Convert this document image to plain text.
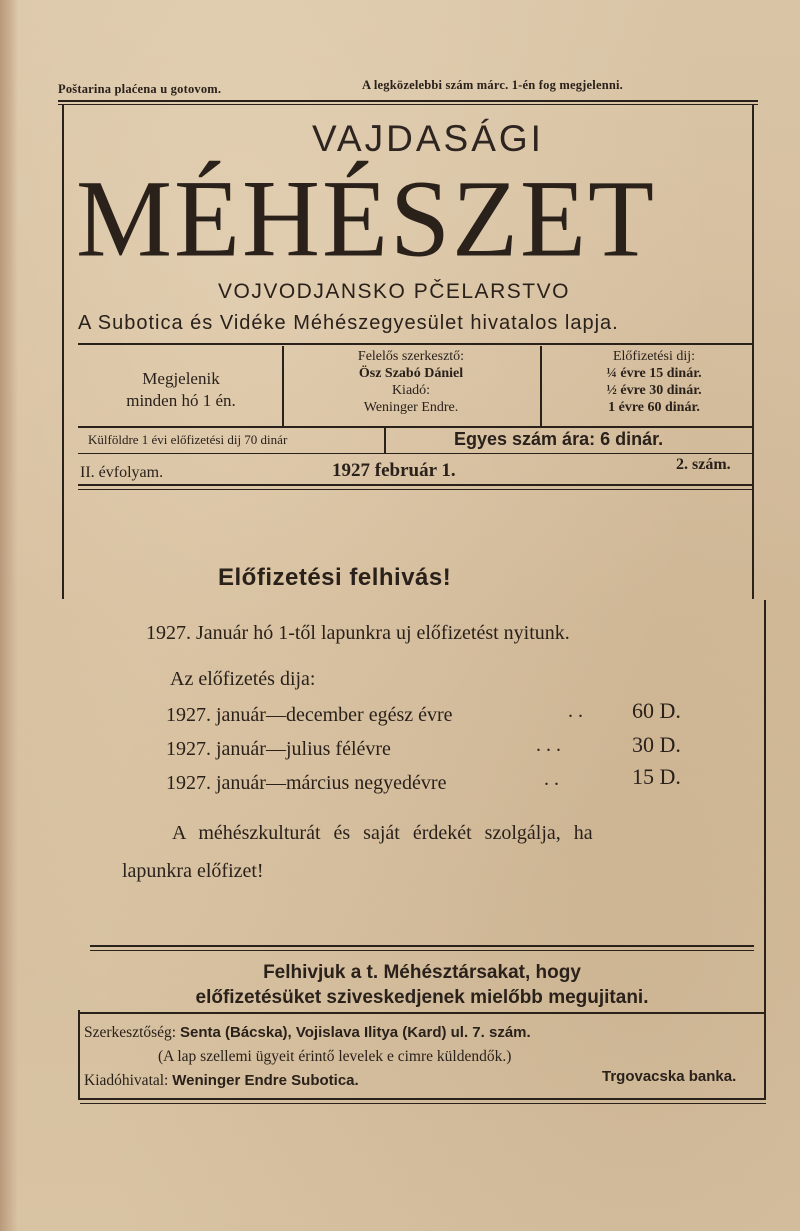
Poštarina plaćena u gotovom.	A legközelebbi szám márc. 1-én fog megjelenni.
VAJDASÁGI
MÉHÉSZET
VOJVODJANSKO PČELARSTVO
A Subotica és Vidéke Méhészegyesület hivatalos lapja.
Megjelenik
minden hó 1 én.
Felelős szerkesztő:
Ösz Szabó Dániel
Kiadó:
Weninger Endre.
Előfizetési dij:
¼ évre 15 dinár.
½ évre 30 dinár.
1 évre 60 dinár.
Külföldre 1 évi előfizetési dij 70 dinár	Egyes szám ára: 6 dinár.
II. évfolyam.	1927 február 1.	2. szám.
Előfizetési felhivás!
1927. Január hó 1-től lapunkra uj előfizetést nyitunk.
Az előfizetés dija:
1927. január—december egész évre	. . 60 D.
1927. január—julius félévre	. . .	30 D.
1927. január—március negyedévre	. .	15 D.
A méhészkulturát és saját érdekét szolgálja, ha
lapunkra előfizet!
Felhivjuk a t. Méhésztársakat, hogy
előfizetésüket sziveskedjenek mielőbb megujitani.
Szerkesztőség: Senta (Bácska), Vojislava Ilitya (Kard) ul. 7. szám.
(A lap szellemi ügyeit érintő levelek e cimre küldendők.)
Kiadóhivatal: Weninger Endre Subotica.	Trgovacska banka.
